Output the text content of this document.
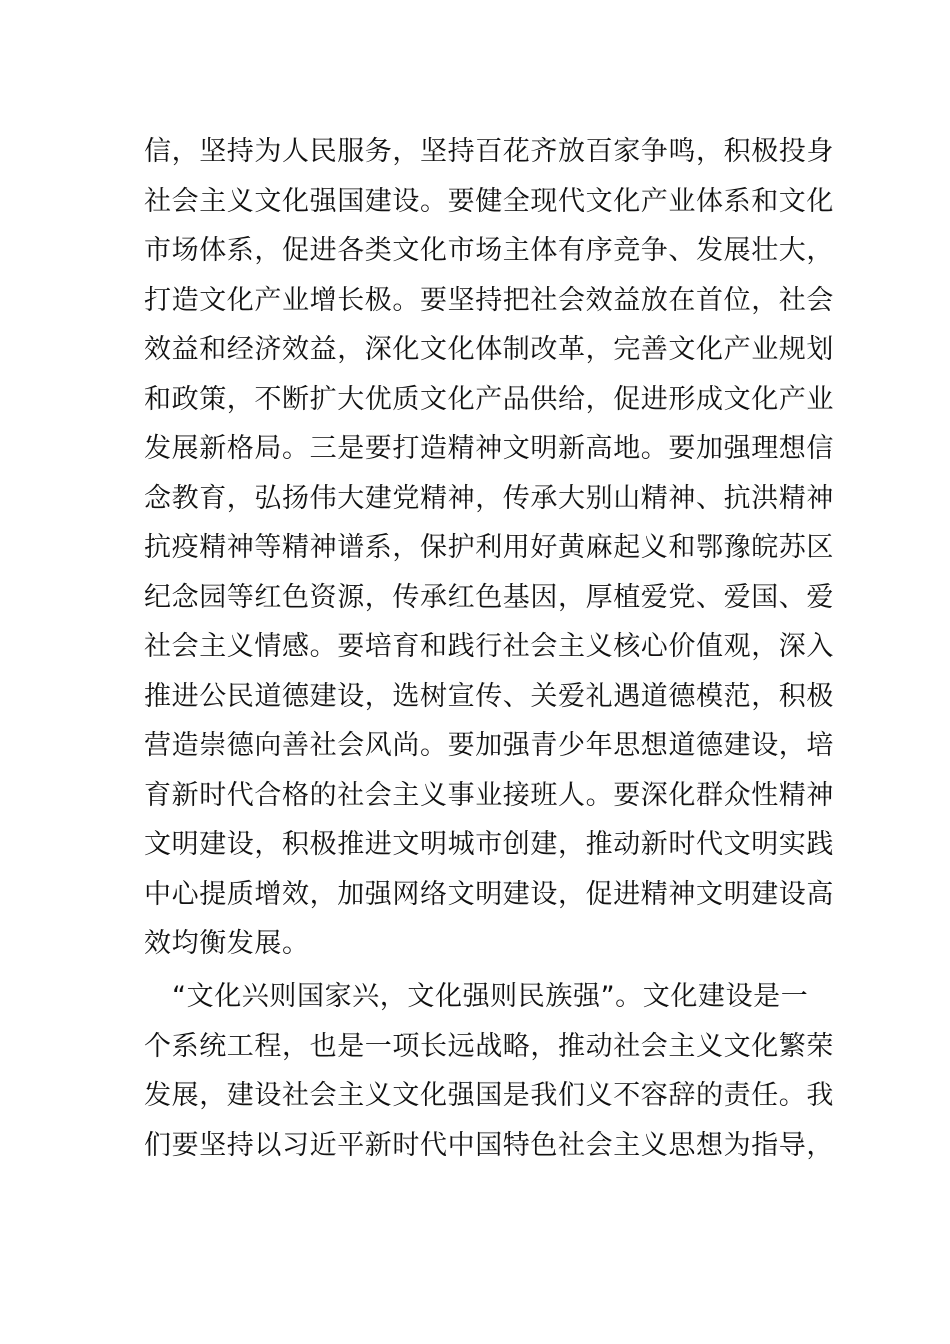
信，坚持为人民服务，坚持百花齐放百家争鸣，积极投身
社会主义文化强国建设。要健全现代文化产业体系和文化
市场体系，促进各类文化市场主体有序竞争、发展壮大，
打造文化产业增长极。要坚持把社会效益放在首位，社会
效益和经济效益，深化文化体制改革，完善文化产业规划
和政策，不断扩大优质文化产品供给，促进形成文化产业
发展新格局。三是要打造精神文明新高地。要加强理想信
念教育，弘扬伟大建党精神，传承大别山精神、抗洪精神
抗疫精神等精神谱系，保护利用好黄麻起义和鄂豫皖苏区
纪念园等红色资源，传承红色基因，厚植爱党、爱国、爱
社会主义情感。要培育和践行社会主义核心价值观，深入
推进公民道德建设，选树宣传、关爱礼遇道德模范，积极
营造崇德向善社会风尚。要加强青少年思想道德建设，培
育新时代合格的社会主义事业接班人。要深化群众性精神
文明建设，积极推进文明城市创建，推动新时代文明实践
中心提质增效，加强网络文明建设，促进精神文明建设高
效均衡发展。
“文化兴则国家兴，文化强则民族强”。文化建设是一
个系统工程，也是一项长远战略，推动社会主义文化繁荣
发展，建设社会主义文化强国是我们义不容辞的责任。我
们要坚持以习近平新时代中国特色社会主义思想为指导，
